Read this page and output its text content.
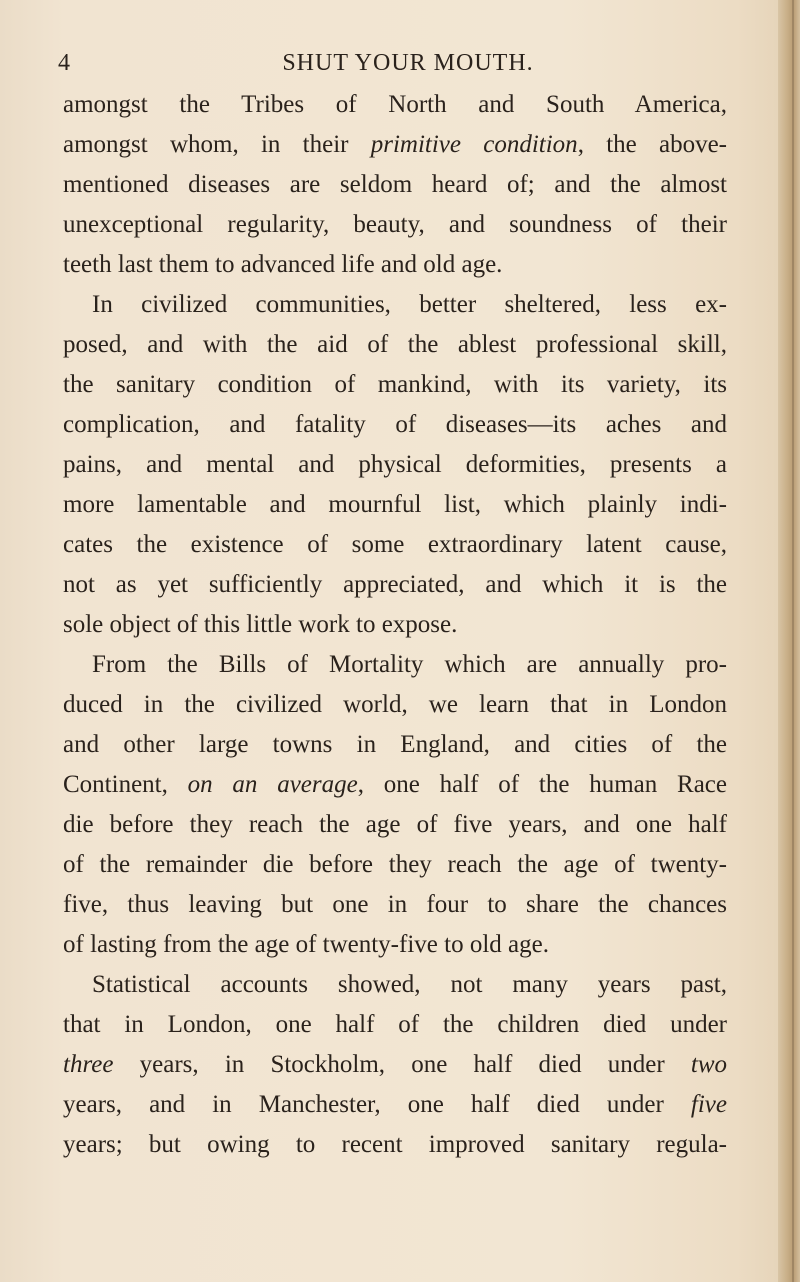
4	SHUT YOUR MOUTH.
amongst the Tribes of North and South America,
amongst whom, in their primitive condition, the above-
mentioned diseases are seldom heard of; and the almost
unexceptional regularity, beauty, and soundness of their
teeth last them to advanced life and old age.
In civilized communities, better sheltered, less ex-
posed, and with the aid of the ablest professional skill,
the sanitary condition of mankind, with its variety, its
complication, and fatality of diseases—its aches and
pains, and mental and physical deformities, presents a
more lamentable and mournful list, which plainly indi-
cates the existence of some extraordinary latent cause,
not as yet sufficiently appreciated, and which it is the
sole object of this little work to expose.
From the Bills of Mortality which are annually pro-
duced in the civilized world, we learn that in London
and other large towns in England, and cities of the
Continent, on an average, one half of the human Race
die before they reach the age of five years, and one half
of the remainder die before they reach the age of twenty-
five, thus leaving but one in four to share the chances
of lasting from the age of twenty-five to old age.
Statistical accounts showed, not many years past,
that in London, one half of the children died under
three years, in Stockholm, one half died under two
years, and in Manchester, one half died under five
years; but owing to recent improved sanitary regula-
